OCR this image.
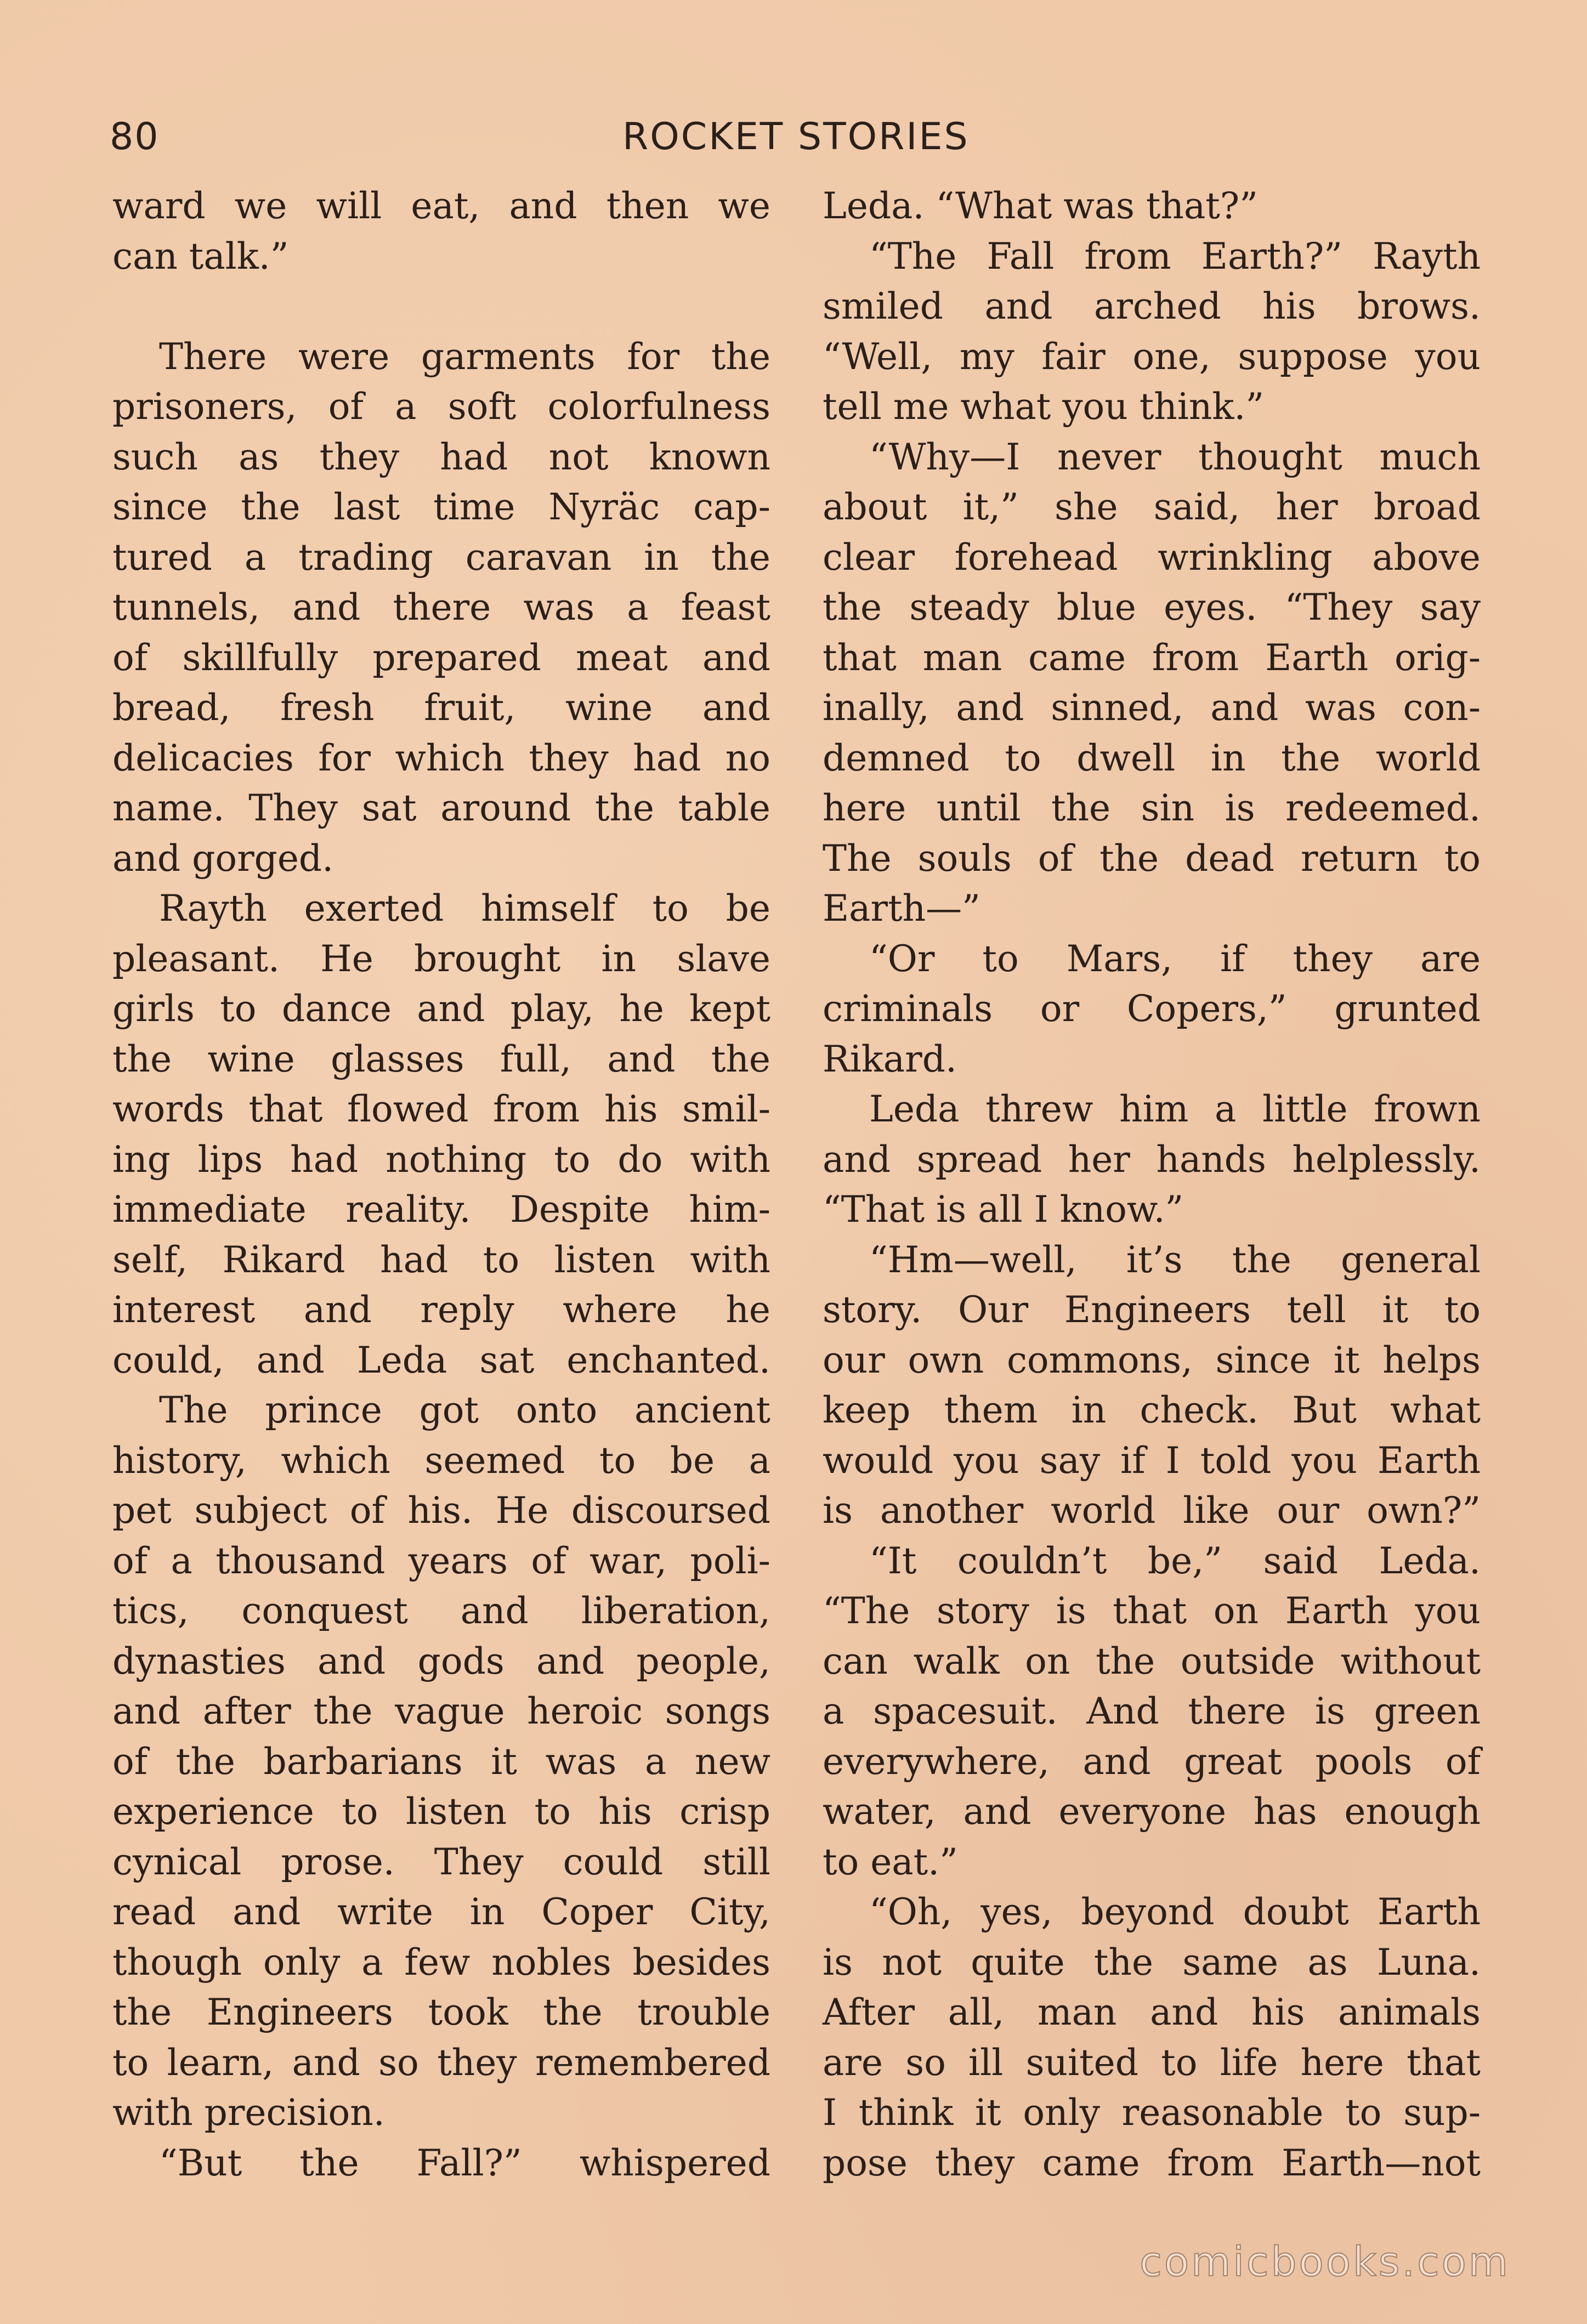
80	ROCKET STORIES
ward we will eat, and then we
can talk.”
There were garments for the
prisoners, of a soft colorfulness
such as they had not known
since the last time Nyräc cap-
tured a trading caravan in the
tunnels, and there was a feast
of skillfully prepared meat and
bread, fresh fruit, wine and
delicacies for which they had no
name. They sat around the table
and gorged.
Rayth exerted himself to be
pleasant. He brought in slave
girls to dance and play, he kept
the wine glasses full, and the
words that flowed from his smil-
ing lips had nothing to do with
immediate reality. Despite him-
self, Rikard had to listen with
interest and reply where he
could, and Leda sat enchanted.
The prince got onto ancient
history, which seemed to be a
pet subject of his. He discoursed
of a thousand years of war, poli-
tics, conquest and liberation,
dynasties and gods and people,
and after the vague heroic songs
of the barbarians it was a new
experience to listen to his crisp
cynical prose. They could still
read and write in Coper City,
though only a few nobles besides
the Engineers took the trouble
to learn, and so they remembered
with precision.
“But the Fall?” whispered
Leda. “What was that?”
“The Fall from Earth?” Rayth
smiled and arched his brows.
“Well, my fair one, suppose you
tell me what you think.”
“Why—I never thought much
about it,” she said, her broad
clear forehead wrinkling above
the steady blue eyes. “They say
that man came from Earth orig-
inally, and sinned, and was con-
demned to dwell in the world
here until the sin is redeemed.
The souls of the dead return to
Earth—”
“Or to Mars, if they are
criminals or Copers,” grunted
Rikard.
Leda threw him a little frown
and spread her hands helplessly.
“That is all I know.”
“Hm—well, it’s the general
story. Our Engineers tell it to
our own commons, since it helps
keep them in check. But what
would you say if I told you Earth
is another world like our own?”
“It couldn’t be,” said Leda.
“The story is that on Earth you
can walk on the outside without
a spacesuit. And there is green
everywhere, and great pools of
water, and everyone has enough
to eat.”
“Oh, yes, beyond doubt Earth
is not quite the same as Luna.
After all, man and his animals
are so ill suited to life here that
I think it only reasonable to sup-
pose they came from Earth—not
comicbooks.com
